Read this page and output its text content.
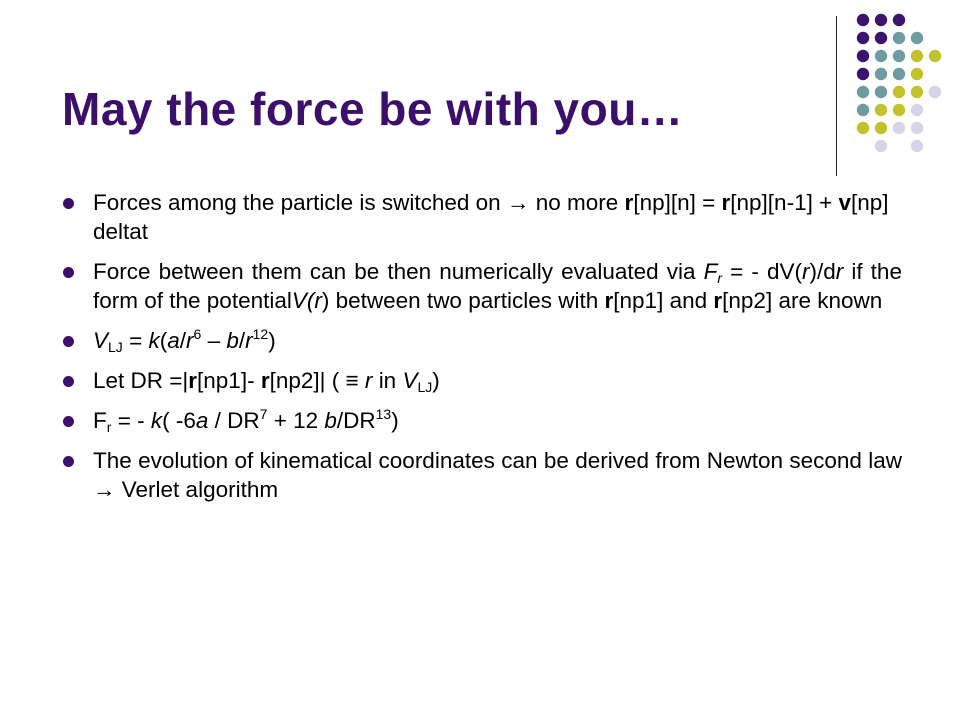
May the force be with you…
Forces among the particle is switched on → no more r[np][n] = r[np][n-1] + v[np] deltat
Force between them can be then numerically evaluated via $F_r$ = - dV(r)/dr if the form of the potentialV(r) between two particles with r[np1] and r[np2] are known
$V_{LJ} = k(a/r^6 - b/r^{12})$
Let DR =|r[np1]- r[np2]| ( ≡ r in $V_{LJ}$)
$F_r$ = - k( $-6a / DR^7 + 12$ b/DR$^{13}$)
The evolution of kinematical coordinates can be derived from Newton second law → Verlet algorithm
